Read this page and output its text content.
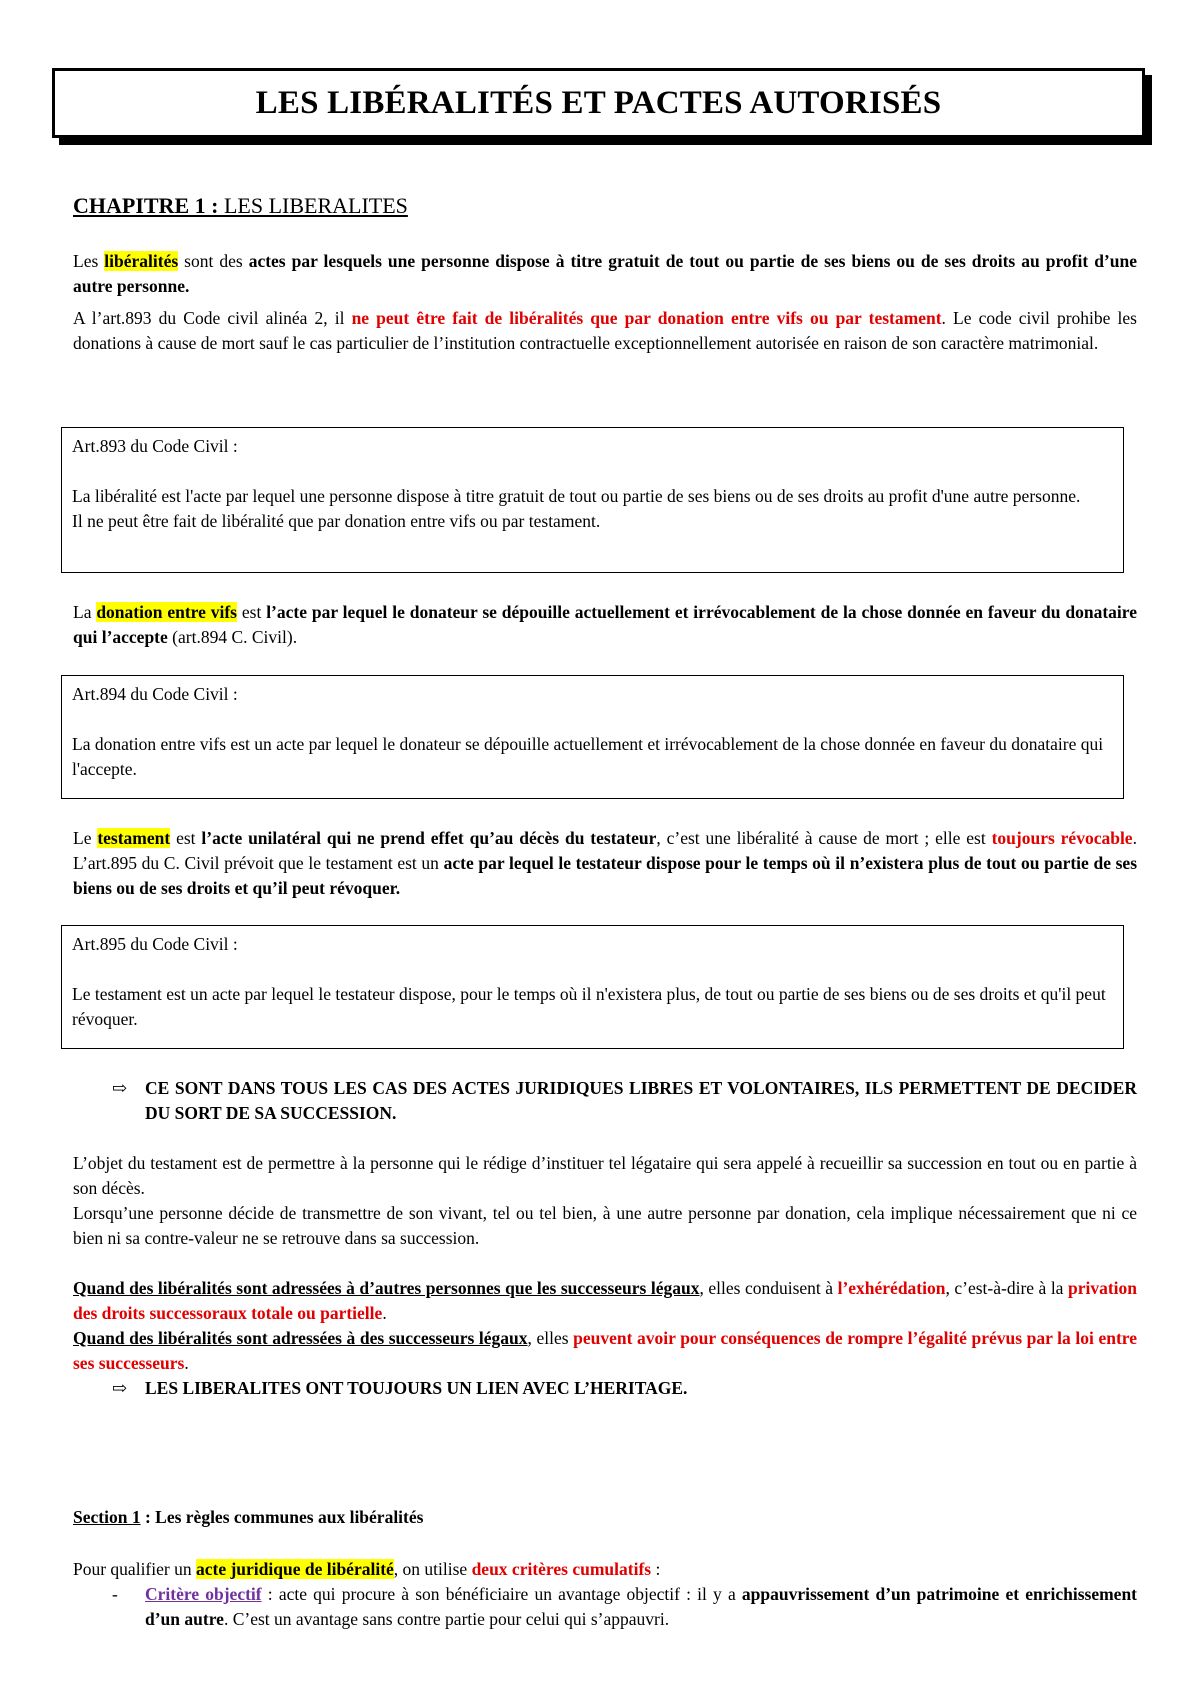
LES LIBÉRALITÉS ET PACTES AUTORISÉS

CHAPITRE 1 : LES LIBERALITES

Les libéralités sont des actes par lesquels une personne dispose à titre gratuit de tout ou partie de ses biens ou de ses droits au profit d’une autre personne.

A l’art.893 du Code civil alinéa 2, il ne peut être fait de libéralités que par donation entre vifs ou par testament. Le code civil prohibe les donations à cause de mort sauf le cas particulier de l’institution contractuelle exceptionnellement autorisée en raison de son caractère matrimonial.

Art.893 du Code Civil :

La libéralité est l'acte par lequel une personne dispose à titre gratuit de tout ou partie de ses biens ou de ses droits au profit d'une autre personne.

Il ne peut être fait de libéralité que par donation entre vifs ou par testament.

La donation entre vifs est l’acte par lequel le donateur se dépouille actuellement et irrévocablement de la chose donnée en faveur du donataire qui l’accepte (art.894 C. Civil).

Art.894 du Code Civil :

La donation entre vifs est un acte par lequel le donateur se dépouille actuellement et irrévocablement de la chose donnée en faveur du donataire qui l'accepte.

Le testament est l’acte unilatéral qui ne prend effet qu’au décès du testateur, c’est une libéralité à cause de mort ; elle est toujours révocable. L’art.895 du C. Civil prévoit que le testament est un acte par lequel le testateur dispose pour le temps où il n’existera plus de tout ou partie de ses biens ou de ses droits et qu’il peut révoquer.

Art.895 du Code Civil :

Le testament est un acte par lequel le testateur dispose, pour le temps où il n'existera plus, de tout ou partie de ses biens ou de ses droits et qu'il peut révoquer.

⇨ CE SONT DANS TOUS LES CAS DES ACTES JURIDIQUES LIBRES ET VOLONTAIRES, ILS PERMETTENT DE DECIDER DU SORT DE SA SUCCESSION.

L’objet du testament est de permettre à la personne qui le rédige d’instituer tel légataire qui sera appelé à recueillir sa succession en tout ou en partie à son décès.

Lorsqu’une personne décide de transmettre de son vivant, tel ou tel bien, à une autre personne par donation, cela implique nécessairement que ni ce bien ni sa contre-valeur ne se retrouve dans sa succession.

Quand des libéralités sont adressées à d’autres personnes que les successeurs légaux, elles conduisent à l’exhérédation, c’est-à-dire à la privation des droits successoraux totale ou partielle.

Quand des libéralités sont adressées à des successeurs légaux, elles peuvent avoir pour conséquences de rompre l’égalité prévus par la loi entre ses successeurs.

⇨ LES LIBERALITES ONT TOUJOURS UN LIEN AVEC L’HERITAGE.

Section 1 : Les règles communes aux libéralités

Pour qualifier un acte juridique de libéralité, on utilise deux critères cumulatifs :

- Critère objectif : acte qui procure à son bénéficiaire un avantage objectif : il y a appauvrissement d’un patrimoine et enrichissement d’un autre. C’est un avantage sans contre partie pour celui qui s’appauvri.
